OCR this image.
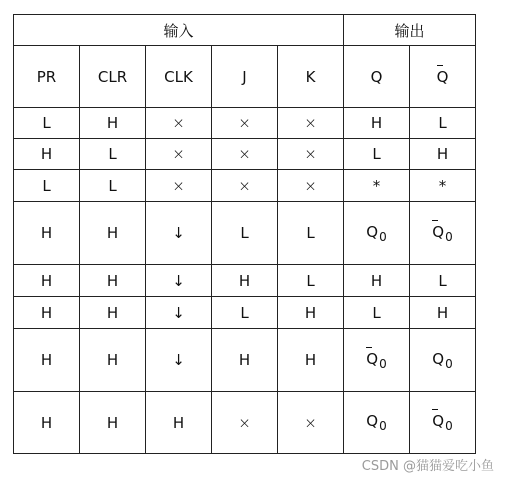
输入					输出	
PR	CLR	CLK	J	K	Q	Q
L	H	×	×	×	H	L
H	L	×	×	×	L	H
L	L	×	×	×	*	*
H	H	↓	L	L	$Q_0$	$Q_0$
H	H	↓	H	L	H	L
H	H	↓	L	H	L	H
H	H	↓	H	H	$Q_0$	$Q_0$
H	H	H	×	×	$Q_0$	$Q_0$
CSDN @猫猫爱吃小鱼
